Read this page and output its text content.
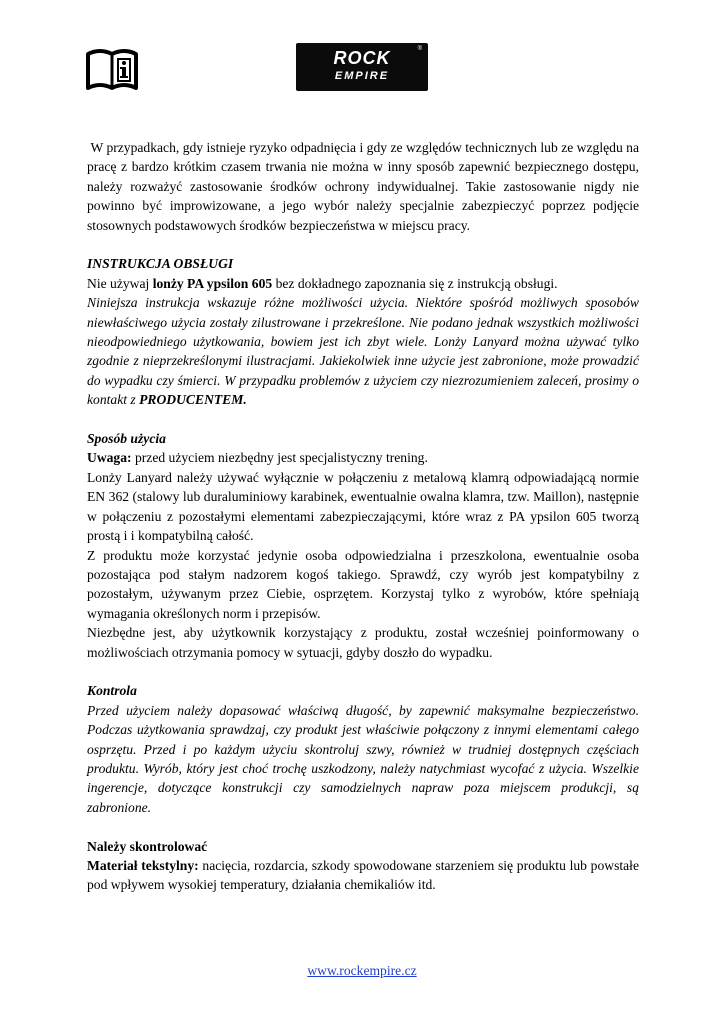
ROCK
EMPIRE
®

W przypadkach, gdy istnieje ryzyko odpadnięcia i gdy ze względów technicznych lub ze względu na pracę z bardzo krótkim czasem trwania nie można w inny sposób zapewnić bezpiecznego dostępu, należy rozważyć zastosowanie środków ochrony indywidualnej. Takie zastosowanie nigdy nie powinno być improwizowane, a jego wybór należy specjalnie zabezpieczyć poprzez podjęcie stosownych podstawowych środków bezpieczeństwa w miejscu pracy.

INSTRUKCJA OBSŁUGI

Nie używaj lonży PA ypsilon 605 bez dokładnego zapoznania się z instrukcją obsługi.

Niniejsza instrukcja wskazuje różne możliwości użycia. Niektóre spośród możliwych sposobów niewłaściwego użycia zostały zilustrowane i przekreślone. Nie podano jednak wszystkich możliwości nieodpowiedniego użytkowania, bowiem jest ich zbyt wiele. Lonży Lanyard można używać tylko zgodnie z nieprzekreślonymi ilustracjami. Jakiekolwiek inne użycie jest zabronione, może prowadzić do wypadku czy śmierci. W przypadku problemów z użyciem czy niezrozumieniem zaleceń, prosimy o kontakt z PRODUCENTEM.

Sposób użycia

Uwaga: przed użyciem niezbędny jest specjalistyczny trening.

Lonży Lanyard należy używać wyłącznie w połączeniu z metalową klamrą odpowiadającą normie EN 362 (stalowy lub duraluminiowy karabinek, ewentualnie owalna klamra, tzw. Maillon), następnie w połączeniu z pozostałymi elementami zabezpieczającymi, które wraz z PA ypsilon 605 tworzą prostą i i kompatybilną całość.

Z produktu może korzystać jedynie osoba odpowiedzialna i przeszkolona, ewentualnie osoba pozostająca pod stałym nadzorem kogoś takiego. Sprawdź, czy wyrób jest kompatybilny z pozostałym, używanym przez Ciebie, osprzętem. Korzystaj tylko z wyrobów, które spełniają wymagania określonych norm i przepisów.

Niezbędne jest, aby użytkownik korzystający z produktu, został wcześniej poinformowany o możliwościach otrzymania pomocy w sytuacji, gdyby doszło do wypadku.

Kontrola

Przed użyciem należy dopasować właściwą długość, by zapewnić maksymalne bezpieczeństwo. Podczas użytkowania sprawdzaj, czy produkt jest właściwie połączony z innymi elementami całego osprzętu. Przed i po każdym użyciu skontroluj szwy, również w trudniej dostępnych częściach produktu. Wyrób, który jest choć trochę uszkodzony, należy natychmiast wycofać z użycia. Wszelkie ingerencje, dotyczące konstrukcji czy samodzielnych napraw poza miejscem produkcji, są zabronione.

Należy skontrolować

Materiał tekstylny: nacięcia, rozdarcia, szkody spowodowane starzeniem się produktu lub powstałe pod wpływem wysokiej temperatury, działania chemikaliów itd.

www.rockempire.cz
